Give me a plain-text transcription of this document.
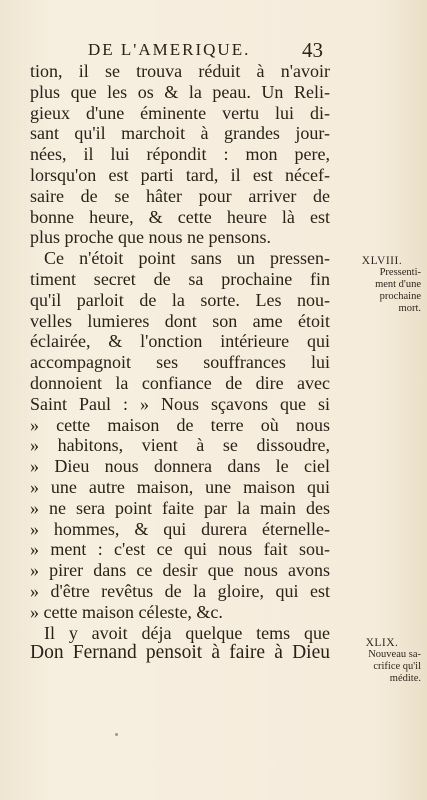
DE L'AMERIQUE. 43
tion, il se trouva réduit à n'avoir
plus que les os & la peau. Un Reli-
gieux d'une éminente vertu lui di-
sant qu'il marchoit à grandes jour-
nées, il lui répondit : mon pere,
lorsqu'on est parti tard, il est nécef-
saire de se hâter pour arriver de
bonne heure, & cette heure là est
plus proche que nous ne pensons.
Ce n'étoit point sans un pressen-
timent secret de sa prochaine fin
qu'il parloit de la sorte. Les nou-
velles lumieres dont son ame étoit
éclairée, & l'onction intérieure qui
accompagnoit ses souffrances lui
donnoient la confiance de dire avec
Saint Paul : » Nous sçavons que si
» cette maison de terre où nous
» habitons, vient à se dissoudre,
» Dieu nous donnera dans le ciel
» une autre maison, une maison qui
» ne sera point faite par la main des
» hommes, & qui durera éternelle-
» ment : c'est ce qui nous fait sou-
» pirer dans ce desir que nous avons
» d'être revêtus de la gloire, qui est
» cette maison céleste, &c.
Il y avoit déja quelque tems que
Don Fernand pensoit à faire à Dieu
XLVIII.
Pressenti-
ment d'une
prochaine
mort.
XLIX.
Nouveau sa-
crifice qu'il
médite.
